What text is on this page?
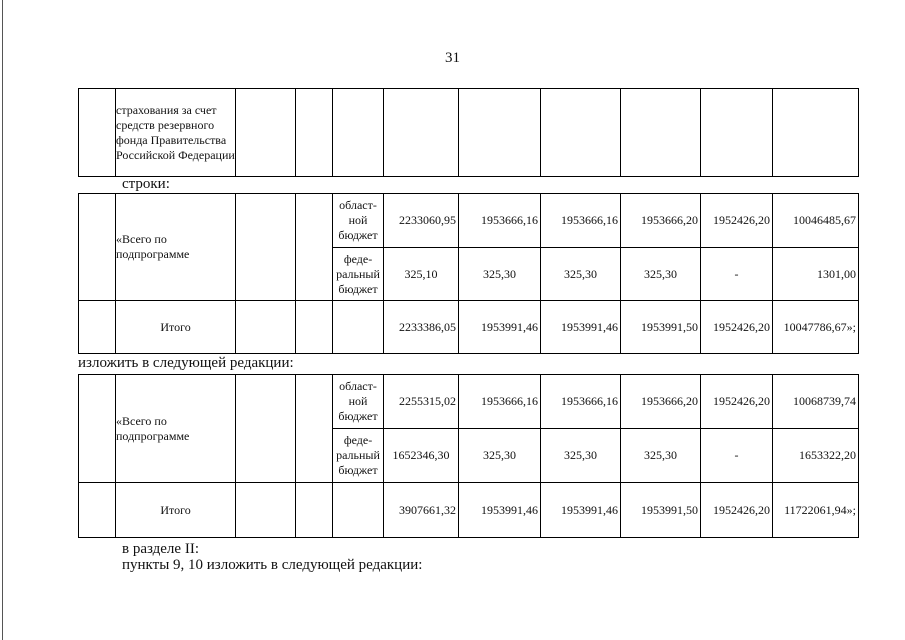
31
	страхования за счет средств резервного фонда Правительства Российской Федерации									
строки:
	«Всего по подпрограмме			област-ной бюджет	2233060,95	1953666,16	1953666,16	1953666,20	1952426,20	10046485,67
				феде-ральный бюджет	325,10	325,30	325,30	325,30	-	1301,00
	Итого				2233386,05	1953991,46	1953991,46	1953991,50	1952426,20	10047786,67»;
изложить в следующей редакции:
	«Всего по подпрограмме			област-ной бюджет	2255315,02	1953666,16	1953666,16	1953666,20	1952426,20	10068739,74
				феде-ральный бюджет	1652346,30	325,30	325,30	325,30	-	1653322,20
	Итого				3907661,32	1953991,46	1953991,46	1953991,50	1952426,20	11722061,94»;
в разделе II:
пункты 9, 10 изложить в следующей редакции:
